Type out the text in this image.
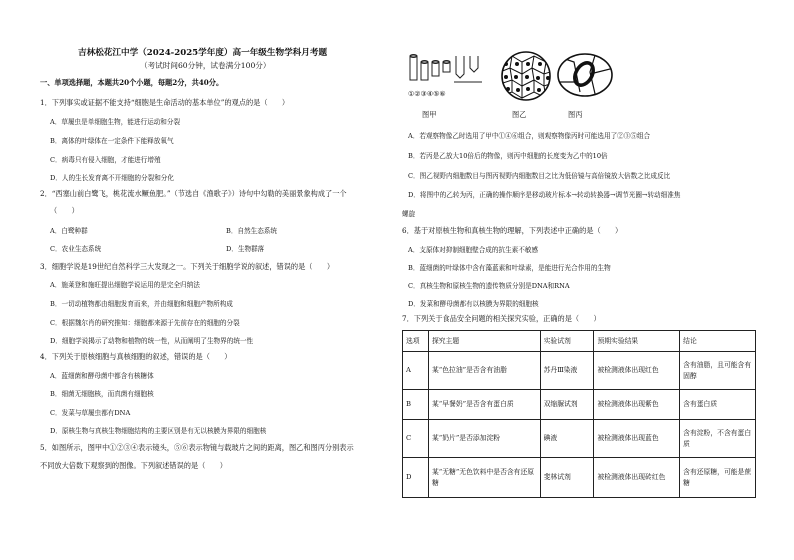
吉林松花江中学（2024-2025学年度）高一年级生物学科月考题
（考试时间60分钟，试卷满分100分）
一、单项选择题，本题共20个小题，每题2分，共40分。
1．下列事实或证据不能支持“细胞是生命活动的基本单位”的观点的是（　　）
A．草履虫是单细胞生物，能进行运动和分裂
B．离体的叶绿体在一定条件下能释放氧气
C．病毒只有侵入细胞，才能进行增殖
D．人的生长发育离不开细胞的分裂和分化
2．“西塞山前白鹭飞，桃花流水鳜鱼肥。”（节选自《渔歌子》）诗句中勾勒的美丽景象构成了一个
（　　）
A．白鹭种群	B．自然生态系统
C．农业生态系统	D．生物群落
3．细胞学说是19世纪自然科学三大发现之一。下列关于细胞学说的叙述，错误的是（　　）
A．施莱登和施旺提出细胞学说运用的是完全归纳法
B．一切动植物都由细胞发育而来，并由细胞和细胞产物所构成
C．根据魏尔肖的研究推知：细胞都来源于先前存在的细胞的分裂
D．细胞学说揭示了动物和植物的统一性，从而阐明了生物界的统一性
4．下列关于原核细胞与真核细胞的叙述，错误的是（　　）
A．蓝细菌和酵母菌中都含有核糖体
B．细菌无细胞核，而真菌有细胞核
C．发菜与草履虫都有DNA
D．原核生物与真核生物细胞结构的主要区别是有无以核膜为界限的细胞核
5．如图所示，图甲中①②③④表示镜头，⑤⑥表示物镜与载玻片之间的距离，图乙和图丙分别表示
不同放大倍数下观察到的图像。下列叙述错误的是（　　）
①②③④⑤⑥
图甲	图乙	图丙
A．若观察物像乙时选用了甲中①④⑥组合，则观察物像丙时可能选用了②③⑤组合
B．若丙是乙放大10倍后的物像，则丙中细胞的长度变为乙中的10倍
C．图乙视野内细胞数目与图丙视野内细胞数目之比为低倍镜与高倍镜放大倍数之比成反比
D．将图中的乙转为丙，正确的操作顺序是移动玻片标本→转动转换器→调节光圈→转动细准焦
螺旋
6．基于对原核生物和真核生物的理解，下列表述中正确的是（　　）
A．支原体对抑制细胞壁合成的抗生素不敏感
B．蓝细菌的叶绿体中含有藻蓝素和叶绿素，是能进行光合作用的生物
C．真核生物和原核生物的遗传物质分别是DNA和RNA
D．发菜和酵母菌都有以核膜为界限的细胞核
7．下列关于食品安全问题的相关探究实验，正确的是（　　）
选项	探究主题	实验试剂	预期实验结果	结论
A	某“色拉油”是否含有油脂	苏丹Ⅲ染液	被检测液体出现红色	含有油脂，且可能含有固醇
B	某“早餐奶”是否含有蛋白质	双缩脲试剂	被检测液体出现紫色	含有蛋白质
C	某“奶片”是否添加淀粉	碘液	被检测液体出现蓝色	含有淀粉，不含有蛋白质
D	某“无糖”无色饮料中是否含有还原糖	斐林试剂	被检测液体出现砖红色	含有还原糖，可能是蔗糖
